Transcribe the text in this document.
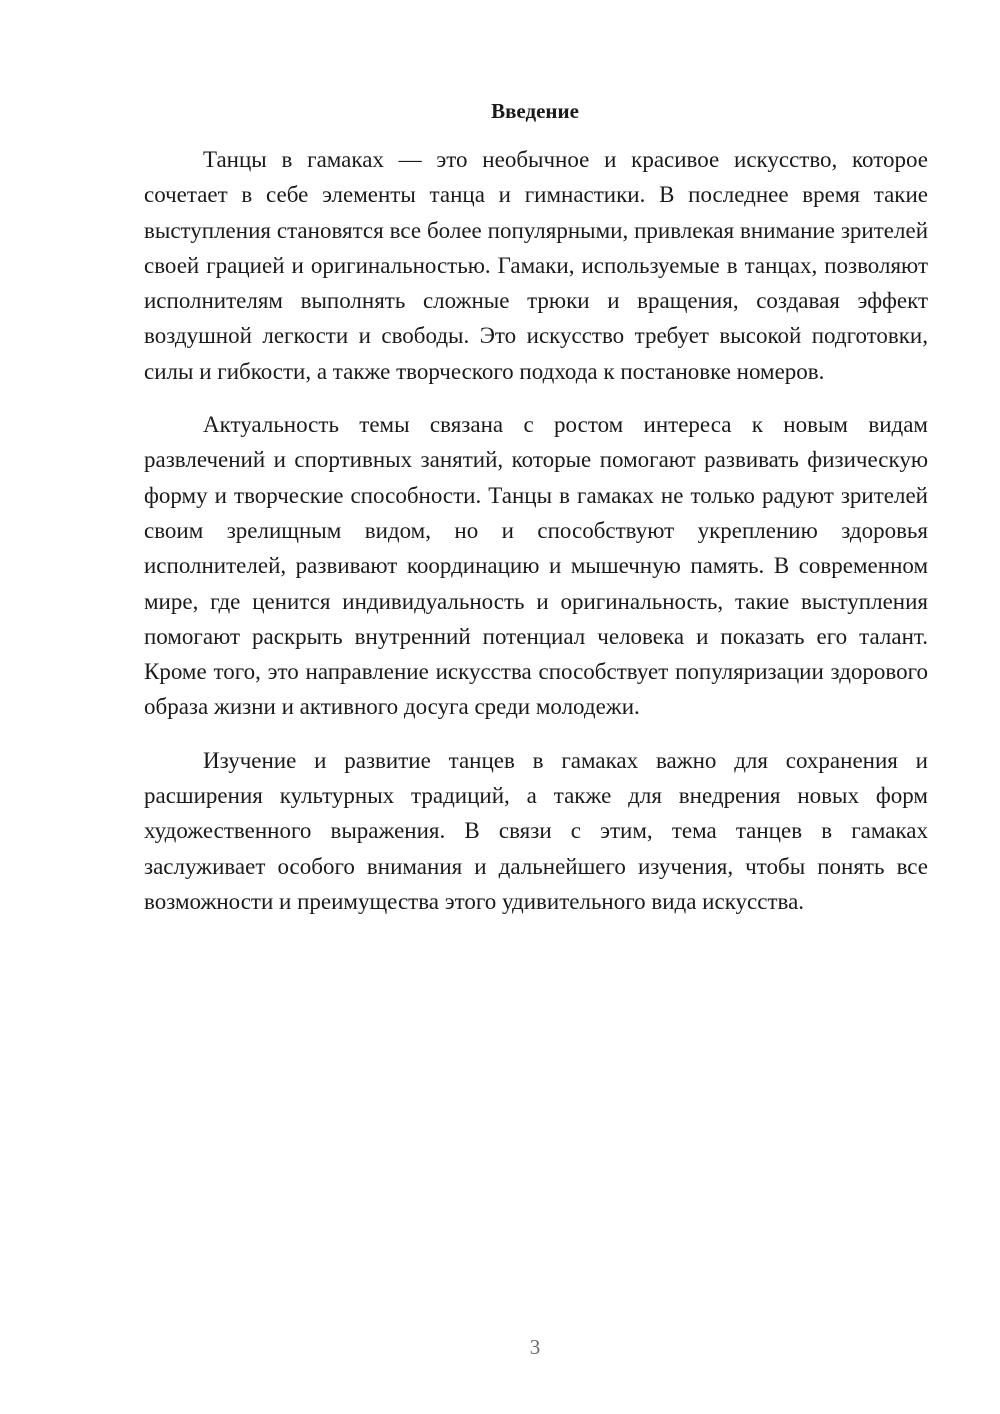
Введение

Танцы в гамаках — это необычное и красивое искусство, которое сочетает в себе элементы танца и гимнастики. В последнее время такие выступления становятся все более популярными, привлекая внимание зрителей своей грацией и оригинальностью. Гамаки, используемые в танцах, позволяют исполнителям выполнять сложные трюки и вращения, создавая эффект воздушной легкости и свободы. Это искусство требует высокой подготовки, силы и гибкости, а также творческого подхода к постановке номеров.

Актуальность темы связана с ростом интереса к новым видам развлечений и спортивных занятий, которые помогают развивать физическую форму и творческие способности. Танцы в гамаках не только радуют зрителей своим зрелищным видом, но и способствуют укреплению здоровья исполнителей, развивают координацию и мышечную память. В современном мире, где ценится индивидуальность и оригинальность, такие выступления помогают раскрыть внутренний потенциал человека и показать его талант. Кроме того, это направление искусства способствует популяризации здорового образа жизни и активного досуга среди молодежи.

Изучение и развитие танцев в гамаках важно для сохранения и расширения культурных традиций, а также для внедрения новых форм художественного выражения. В связи с этим, тема танцев в гамаках заслуживает особого внимания и дальнейшего изучения, чтобы понять все возможности и преимущества этого удивительного вида искусства.

3
